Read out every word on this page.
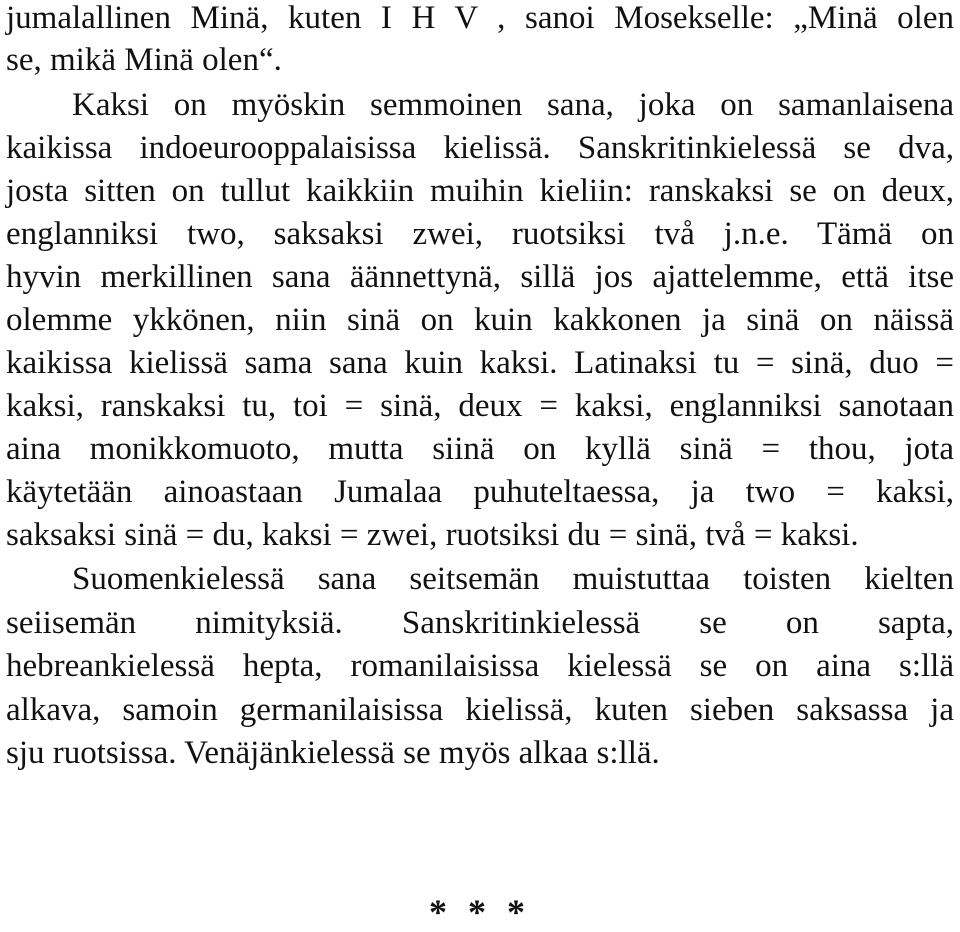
jumalallinen Minä, kuten I H V , sanoi Mosekselle: „Minä olen
se, mikä Minä olen“.
Kaksi on myöskin semmoinen sana, joka on samanlaisena
kaikissa indoeurooppalaisissa kielissä. Sanskritinkielessä se dva,
josta sitten on tullut kaikkiin muihin kieliin: ranskaksi se on deux,
englanniksi two, saksaksi zwei, ruotsiksi två j.n.e. Tämä on
hyvin merkillinen sana äännettynä, sillä jos ajattelemme, että itse
olemme ykkönen, niin sinä on kuin kakkonen ja sinä on näissä
kaikissa kielissä sama sana kuin kaksi. Latinaksi tu = sinä, duo =
kaksi, ranskaksi tu, toi = sinä, deux = kaksi, englanniksi sanotaan
aina monikkomuoto, mutta siinä on kyllä sinä = thou, jota
käytetään ainoastaan Jumalaa puhuteltaessa, ja two = kaksi,
saksaksi sinä = du, kaksi = zwei, ruotsiksi du = sinä, två = kaksi.
Suomenkielessä sana seitsemän muistuttaa toisten kielten
seiisemän nimityksiä. Sanskritinkielessä se on sapta,
hebreankielessä hepta, romanilaisissa kielessä se on aina s:llä
alkava, samoin germanilaisissa kielissä, kuten sieben saksassa ja
sju ruotsissa. Venäjänkielessä se myös alkaa s:llä.
* * *
